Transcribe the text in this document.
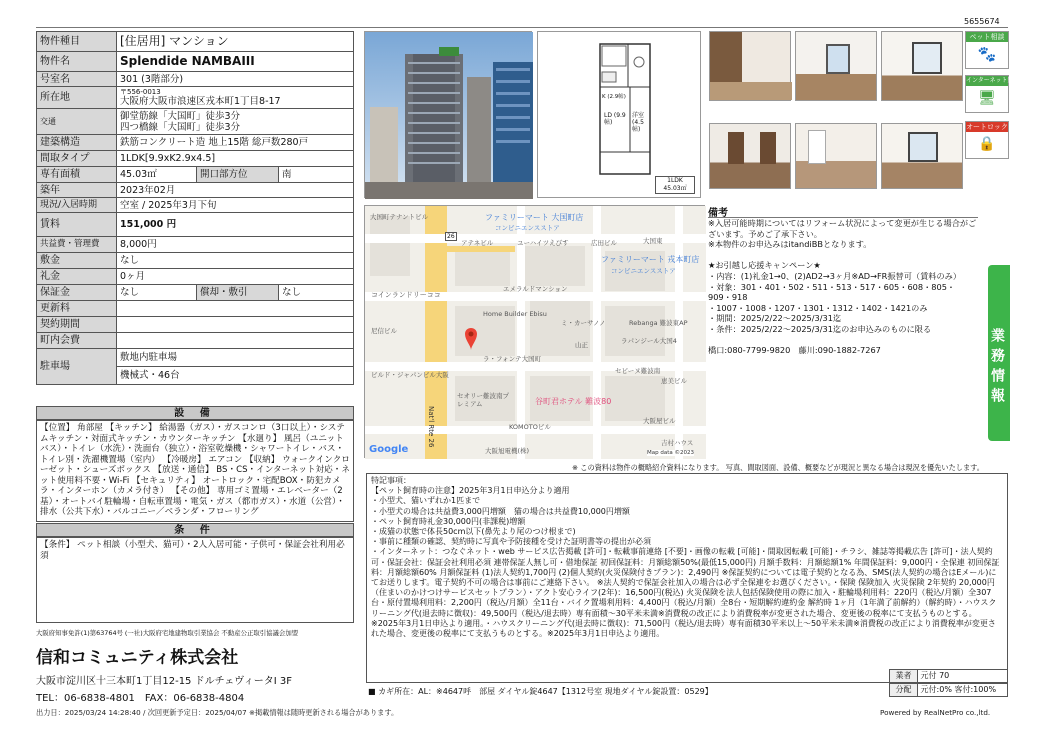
5655674
物件種目	[住居用] マンション		
物件名	Splendide NAMBAIII		
号室名	301 (3階部分)		
所在地	〒556-0013
大阪府大阪市浪速区戎本町1丁目8-17		

交通	御堂筋線「大国町」徒歩3分
四つ橋線「大国町」徒歩3分		

建築構造	鉄筋コンクリート造 地上15階 総戸数280戸		
間取タイプ	1LDK[9.9xK2.9x4.5]		
専有面積	45.03㎡	開口部方位	南
築年	2023年02月		
現況/入居時期	空室 / 2025年3月下旬		
賃料	151,000 円		
共益費・管理費	8,000円		
敷金	なし		
礼金	0ヶ月		
保証金	なし	償却・敷引	なし
更新料			
契約期間			
町内会費			
駐車場	敷地内駐車場
機械式・46台		
設 備
【位置】 角部屋 【キッチン】 給湯器（ガス）・ガスコンロ（3口以上）・システムキッチン・対面式キッチン・カウンターキッチン 【水廻り】 風呂（ユニットバス）・トイレ（水洗）・洗面台（独立）・浴室乾燥機・シャワートイレ・バス・トイレ別・洗濯機置場（室内） 【冷暖房】 エアコン 【収納】 ウォークインクローゼット・シューズボックス 【放送・通信】 BS・CS・インターネット対応・ネット使用料不要・Wi-Fi 【セキュリティ】 オートロック・宅配BOX・防犯カメラ・インターホン（カメラ付き） 【その他】 専用ゴミ置場・エレベーター（2基）・オートバイ駐輪場・自転車置場・電気・ガス（都市ガス）・水道（公営）・排水（公共下水）・バルコニー／ベランダ・フローリング
条 件
【条件】 ペット相談（小型犬、猫可）・2人入居可能・子供可・保証会社利用必須
LD (9.9帖)
洋室 (4.5帖)
K (2.9帖)
1LDK
45.03㎡
ペット相談
🐾
インターネット無料
🖥
オートロック
🔒
業務情報
26
大国町テナントビル	ファミリーマート 大国町店
コンビニエンスストア
アテネビル	ユーハイツえびす	広田ビル	大国東
ファミリーマート 戎本町店
コンビニエンスストア
コインランドリーココ
エメラルドマンション
Home Builder Ebisu
Rebanga 難波東AP
ミ・カーサノノ
尼信ビル
ラパンジール大国4
ラ・フォンテ大国町
山正
セピーヌ難波南
ビルド・ジャパンビル大阪
恵美ビル
セオリー難波南プレミアム	谷町君ホテル 難波80
KOMOTOビル
大阪旭電機(株)
吉村ハウス
大阪屋ビル
Nat'l Rte 26
Google	Map data ©2023
※ この資料は物件の概略紹介資料になります。 写真、間取図面、設備、概要などが現況と異なる場合は現況を優先いたします。
備考
※入居可能時期についてはリフォーム状況によって変更が生じる場合がございます。予めご了承下さい。
※本物件のお申込みはitandiBBとなります。

★お引越し応援キャンペーン★
・内容：(1)礼金1→0、(2)AD2→3ヶ月※AD→FR振替可（賃料のみ）
・対象：301・401・502・511・513・517・605・608・805・909・918
・1007・1008・1207・1301・1312・1402・1421のみ
・期間：2025/2/22〜2025/3/31迄
・条件：2025/2/22〜2025/3/31迄のお申込みのものに限る

橋口:080-7799-9820　藤川:090-1882-7267
特記事項：
【ペット飼育時の注意】2025年3月1日申込分より適用
・小型犬、猫いずれか1匹まで
・小型犬の場合は共益費3,000円増額　猫の場合は共益費10,000円増額
・ペット飼育時礼金30,000円(非課税)増額
・成猫の状態で体長50cm以下(鼻先より尾のつけ根まで)
・事前に種類の確認、契約時に写真や予防接種を受けた証明書等の提出が必須
・インターネット：つなぐネット・web サービス広告掲載 [許可]・転載事前連絡 [不要]・画像の転載 [可能]・間取図転載 [可能]・チラシ、雑誌等掲載広告 [許可]・法人契約可・保証会社：保証会社利用必須 連帯保証人無し可・借地保証 初回保証料：月額総額50%(最低15,000円) 月額手数料：月額総額1% 年間保証料：9,000円・全保連 初回保証料：月額総額60% 月額保証料 (1)法人契約1,700円 (2)個人契約(火災保険付きプラン)：2,490円 ※保証契約については電子契約となる為、SMS(法人契約の場合はEメール)にてお送りします。電子契約不可の場合は事前にご連絡下さい。 ※法人契約で保証会社加入の場合は必ず全保連をお選びください。・保険 保険加入 火災保険 2年契約 20,000円（住まいのかけつけサービスセットプラン）・アクト安心ライフ(2年)：16,500円(税込) 火災保険を法人包括保険使用の際に加入・駐輪場利用料：220円（税込/月額）全307台・原付置場利用料：2,200円（税込/月額）全11台・バイク置場利用料：4,400円（税込/月額）全8台・短期解約違約金 解約時 1ヶ月（1年満了前解約）（解約時）・ハウスクリーニング代(退去時に徴収)：49,500円（税込/退去時）専有面積〜30平米未満※消費税の改正により消費税率が変更された場合、変更後の税率にて支払うものとする。※2025年3月1日申込より適用。・ハウスクリーニング代(退去時に徴収)：71,500円（税込/退去時）専有面積30平米以上〜50平米未満※消費税の改正により消費税率が変更された場合、変更後の税率にて支払うものとする。※2025年3月1日申込より適用。
業者 元付 70
分配 元付:0% 客付:100%
大阪府知事免許(1)第63764号 (一社)大阪府宅地建物取引業協会 不動産公正取引協議会加盟
信和コミュニティ株式会社
大阪市淀川区十三本町1丁目12-15 ドルチェヴィータⅠ 3F
TEL：06-6838-4801　FAX：06-6838-4804
■ カギ所在：AL：※4647呼　部屋 ダイヤル錠4647【1312号室 現地ダイヤル錠設置：0529】
出力日：2025/03/24 14:28:40 / 次回更新予定日：2025/04/07 ※掲載情報は随時更新される場合があります。	Powered by RealNetPro co.,ltd.
